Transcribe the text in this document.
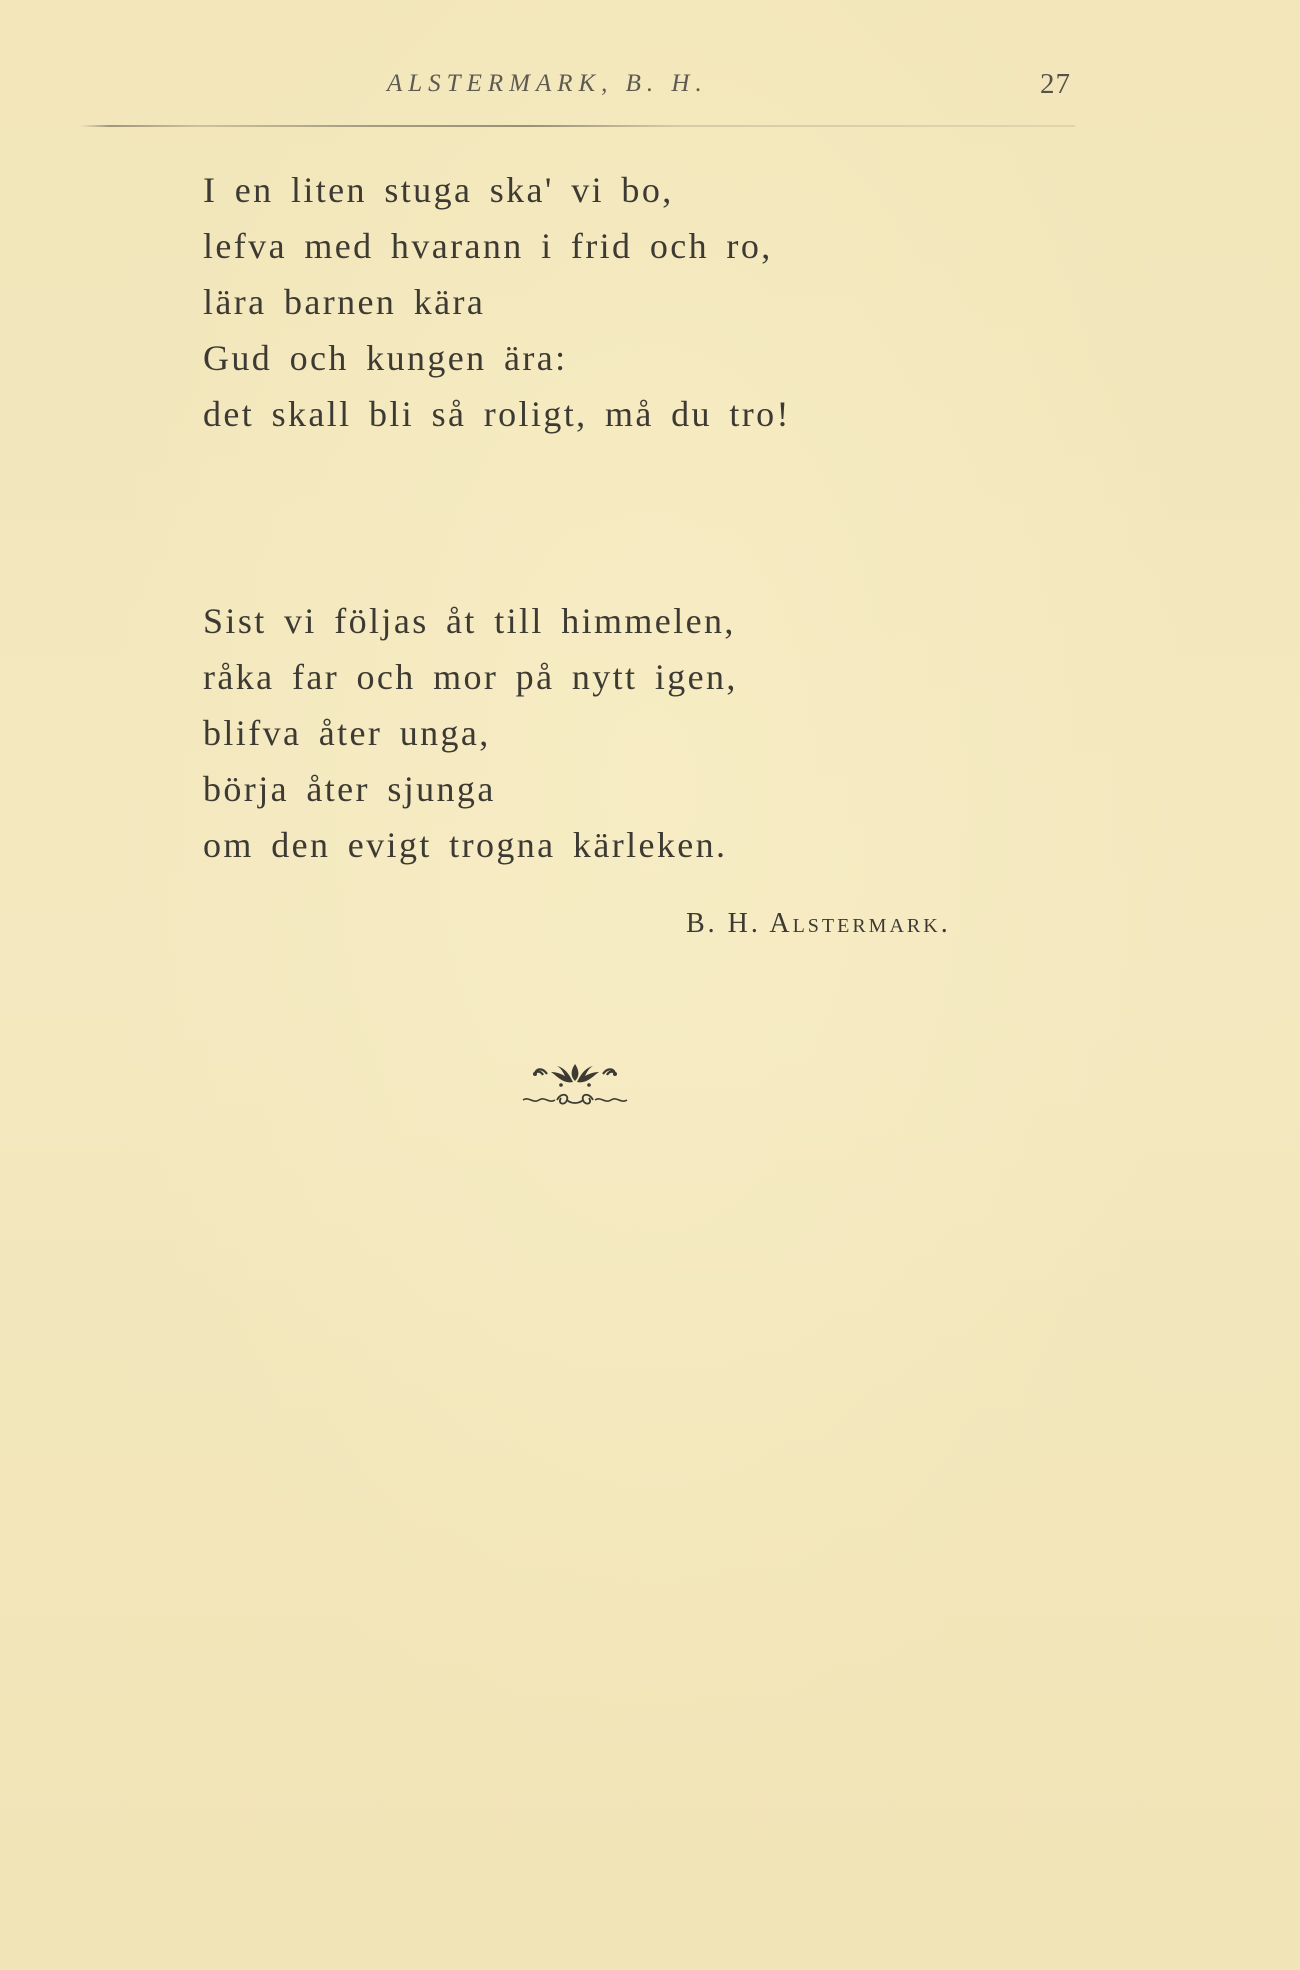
ALSTERMARK, B. H.	27
I en liten stuga ska' vi bo,
lefva med hvarann i frid och ro,
lära barnen kära
Gud och kungen ära:
det skall bli så roligt, må du tro!
Sist vi följas åt till himmelen,
råka far och mor på nytt igen,
blifva åter unga,
börja åter sjunga
om den evigt trogna kärleken.
B. H. Alstermark.
